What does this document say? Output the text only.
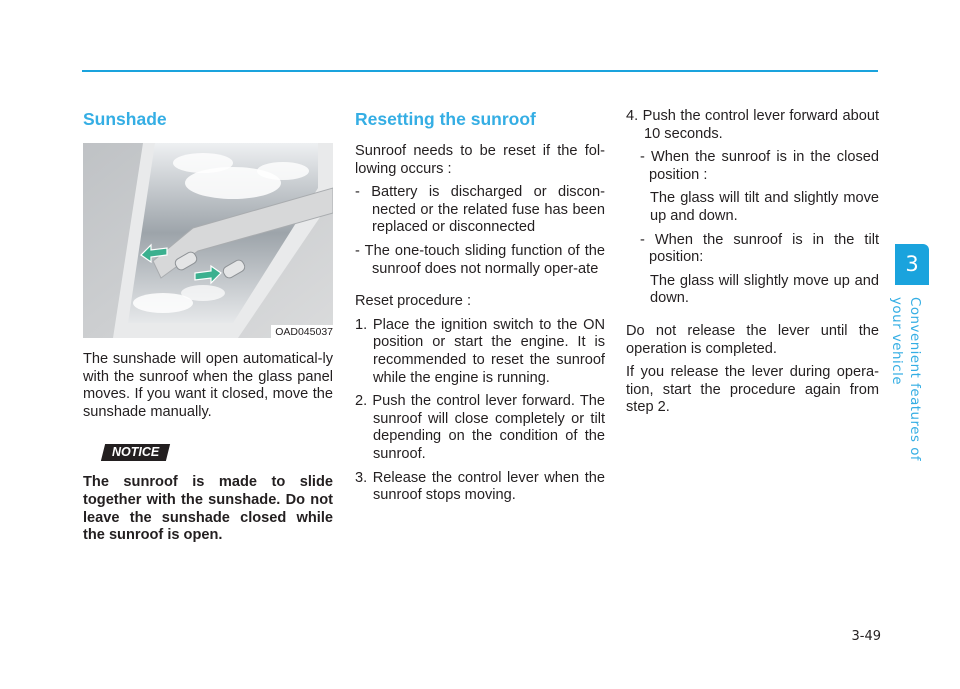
Sunshade
OAD045037

The sunshade will open automatical-ly with the sunroof when the glass panel moves. If you want it closed, move the sunshade manually.

NOTICE

The sunroof is made to slide together with the sunshade. Do not leave the sunshade closed while the sunroof is open.

Resetting the sunroof

Sunroof needs to be reset if the fol-lowing occurs :

- Battery is discharged or discon-nected or the related fuse has been replaced or disconnected

- The one-touch sliding function of the sunroof does not normally oper-ate

Reset procedure :

1. Place the ignition switch to the ON position or start the engine. It is recommended to reset the sunroof while the engine is running.

2. Push the control lever forward. The sunroof will close completely or tilt depending on the condition of the sunroof.

3. Release the control lever when the sunroof stops moving.

4. Push the control lever forward about 10 seconds.

- When the sunroof is in the closed position :

The glass will tilt and slightly move up and down.

- When the sunroof is in the tilt position:

The glass will slightly move up and down.

Do not release the lever until the operation is completed.

If you release the lever during opera-tion, start the procedure again from step 2.

3
Convenient features of your vehicle
3-49
